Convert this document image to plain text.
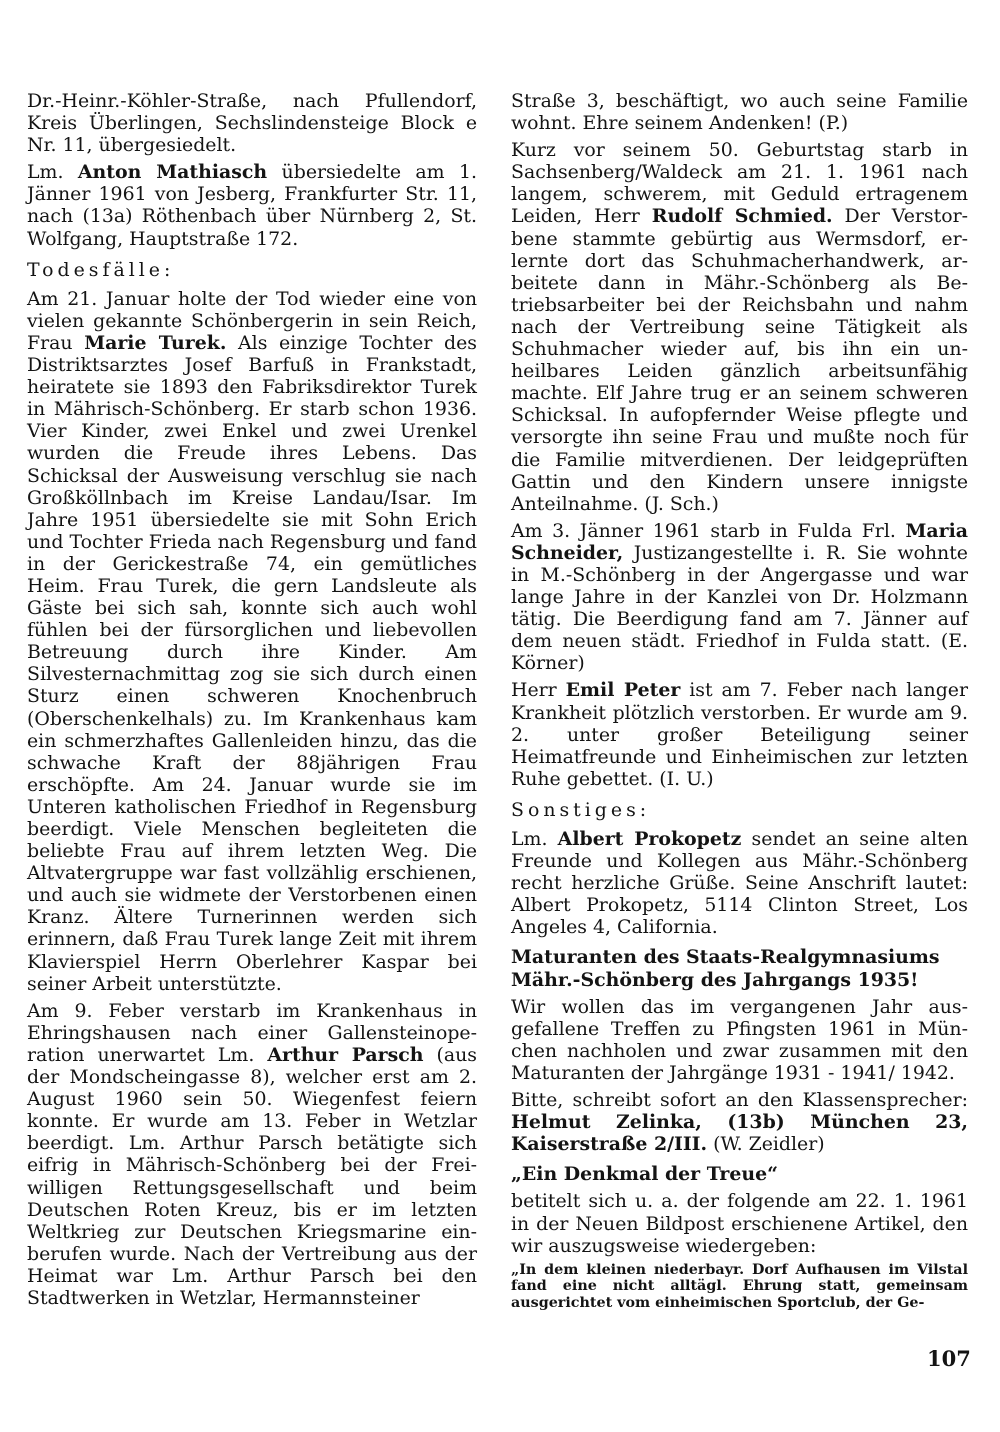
Dr.-Heinr.-Köhler-Straße, nach Pfullendorf, Kreis Überlingen, Sechslindensteige Block e Nr. 11, übergesiedelt.

Lm. Anton Mathiasch übersiedelte am 1. Jänner 1961 von Jesberg, Frankfurter Str. 11, nach (13a) Röthenbach über Nürnberg 2, St. Wolfgang, Hauptstraße 172.

Todesfälle:

Am 21. Januar holte der Tod wieder eine von vielen gekannte Schönbergerin in sein Reich, Frau Marie Turek. Als einzige Tochter des Distriktsarztes Josef Barfuß in Frankstadt, heiratete sie 1893 den Fabriksdirektor Turek in Mährisch-Schönberg. Er starb schon 1936. Vier Kinder, zwei Enkel und zwei Urenkel wurden die Freude ihres Lebens. Das Schicksal der Ausweisung verschlug sie nach Großköllnbach im Kreise Landau/Isar. Im Jahre 1951 übersiedelte sie mit Sohn Erich und Tochter Frieda nach Regensburg und fand in der Gerickestraße 74, ein gemütliches Heim. Frau Turek, die gern Landsleute als Gäste bei sich sah, konnte sich auch wohl fühlen bei der fürsorglichen und liebevollen Betreuung durch ihre Kinder. Am Silvesternachmittag zog sie sich durch einen Sturz einen schweren Knochenbruch (Oberschenkelhals) zu. Im Krankenhaus kam ein schmerzhaftes Gallenleiden hinzu, das die schwache Kraft der 88jährigen Frau erschöpfte. Am 24. Januar wurde sie im Unteren katholischen Friedhof in Regensburg beerdigt. Viele Menschen begleiteten die beliebte Frau auf ihrem letzten Weg. Die Altvatergruppe war fast vollzählig erschienen, und auch sie widmete der Verstorbenen einen Kranz. Ältere Turnerinnen werden sich erinnern, daß Frau Turek lange Zeit mit ihrem Klavierspiel Herrn Oberlehrer Kaspar bei seiner Arbeit unterstützte.

Am 9. Feber verstarb im Krankenhaus in Ehringshausen nach einer Gallensteinoperation unerwartet Lm. Arthur Parsch (aus der Mondscheingasse 8), welcher erst am 2. August 1960 sein 50. Wiegenfest feiern konnte. Er wurde am 13. Feber in Wetzlar beerdigt. Lm. Arthur Parsch betätigte sich eifrig in Mährisch-Schönberg bei der Freiwilligen Rettungsgesellschaft und beim Deutschen Roten Kreuz, bis er im letzten Weltkrieg zur Deutschen Kriegsmarine einberufen wurde. Nach der Vertreibung aus der Heimat war Lm. Arthur Parsch bei den Stadtwerken in Wetzlar, Hermannsteiner

Straße 3, beschäftigt, wo auch seine Familie wohnt. Ehre seinem Andenken! (P.)

Kurz vor seinem 50. Geburtstag starb in Sachsenberg/Waldeck am 21. 1. 1961 nach langem, schwerem, mit Geduld ertragenem Leiden, Herr Rudolf Schmied. Der Verstorbene stammte gebürtig aus Wermsdorf, erlernte dort das Schuhmacherhandwerk, arbeitete dann in Mähr.-Schönberg als Betriebsarbeiter bei der Reichsbahn und nahm nach der Vertreibung seine Tätigkeit als Schuhmacher wieder auf, bis ihn ein unheilbares Leiden gänzlich arbeitsunfähig machte. Elf Jahre trug er an seinem schweren Schicksal. In aufopfernder Weise pflegte und versorgte ihn seine Frau und mußte noch für die Familie mitverdienen. Der leidgeprüften Gattin und den Kindern unsere innigste Anteilnahme. (J. Sch.)

Am 3. Jänner 1961 starb in Fulda Frl. Maria Schneider, Justizangestellte i. R. Sie wohnte in M.-Schönberg in der Angergasse und war lange Jahre in der Kanzlei von Dr. Holzmann tätig. Die Beerdigung fand am 7. Jänner auf dem neuen städt. Friedhof in Fulda statt. (E. Körner)

Herr Emil Peter ist am 7. Feber nach langer Krankheit plötzlich verstorben. Er wurde am 9. 2. unter großer Beteiligung seiner Heimatfreunde und Einheimischen zur letzten Ruhe gebettet. (I. U.)

Sonstiges:

Lm. Albert Prokopetz sendet an seine alten Freunde und Kollegen aus Mähr.-Schönberg recht herzliche Grüße. Seine Anschrift lautet: Albert Prokopetz, 5114 Clinton Street, Los Angeles 4, California.

Maturanten des Staats-Realgymnasiums Mähr.-Schönberg des Jahrgangs 1935!

Wir wollen das im vergangenen Jahr ausgefallene Treffen zu Pfingsten 1961 in München nachholen und zwar zusammen mit den Maturanten der Jahrgänge 1931 - 1941/ 1942.

Bitte, schreibt sofort an den Klassensprecher: Helmut Zelinka, (13b) München 23, Kaiserstraße 2/III. (W. Zeidler)

„Ein Denkmal der Treue“

betitelt sich u. a. der folgende am 22. 1. 1961 in der Neuen Bildpost erschienene Artikel, den wir auszugsweise wiedergeben:

„In dem kleinen niederbayr. Dorf Aufhausen im Vilstal fand eine nicht alltägl. Ehrung statt, gemeinsam ausgerichtet vom einheimischen Sportclub, der Ge-

107
